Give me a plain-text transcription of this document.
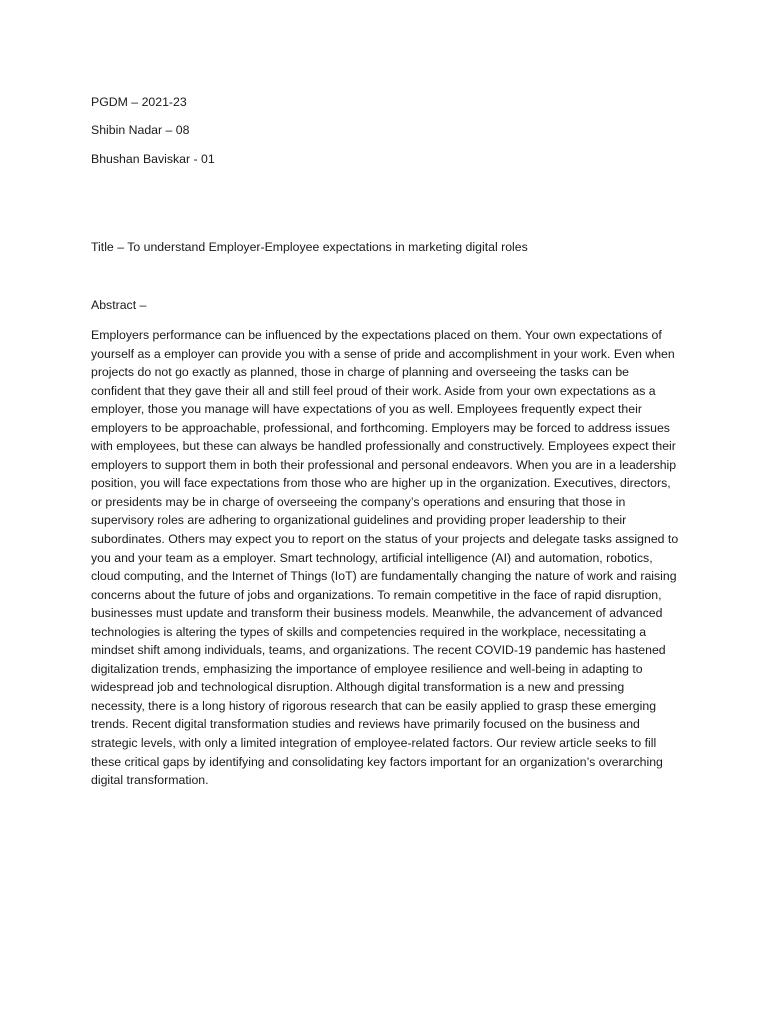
PGDM – 2021-23
Shibin Nadar – 08
Bhushan Baviskar - 01
Title – To understand Employer-Employee expectations in marketing digital roles
Abstract –
Employers performance can be influenced by the expectations placed on them. Your own expectations of yourself as a employer can provide you with a sense of pride and accomplishment in your work. Even when projects do not go exactly as planned, those in charge of planning and overseeing the tasks can be confident that they gave their all and still feel proud of their work. Aside from your own expectations as a employer, those you manage will have expectations of you as well. Employees frequently expect their employers to be approachable, professional, and forthcoming. Employers may be forced to address issues with employees, but these can always be handled professionally and constructively. Employees expect their employers to support them in both their professional and personal endeavors. When you are in a leadership position, you will face expectations from those who are higher up in the organization. Executives, directors, or presidents may be in charge of overseeing the company’s operations and ensuring that those in supervisory roles are adhering to organizational guidelines and providing proper leadership to their subordinates. Others may expect you to report on the status of your projects and delegate tasks assigned to you and your team as a employer. Smart technology, artificial intelligence (AI) and automation, robotics, cloud computing, and the Internet of Things (IoT) are fundamentally changing the nature of work and raising concerns about the future of jobs and organizations. To remain competitive in the face of rapid disruption, businesses must update and transform their business models. Meanwhile, the advancement of advanced technologies is altering the types of skills and competencies required in the workplace, necessitating a mindset shift among individuals, teams, and organizations. The recent COVID-19 pandemic has hastened digitalization trends, emphasizing the importance of employee resilience and well-being in adapting to widespread job and technological disruption. Although digital transformation is a new and pressing necessity, there is a long history of rigorous research that can be easily applied to grasp these emerging trends. Recent digital transformation studies and reviews have primarily focused on the business and strategic levels, with only a limited integration of employee-related factors. Our review article seeks to fill these critical gaps by identifying and consolidating key factors important for an organization’s overarching digital transformation.
